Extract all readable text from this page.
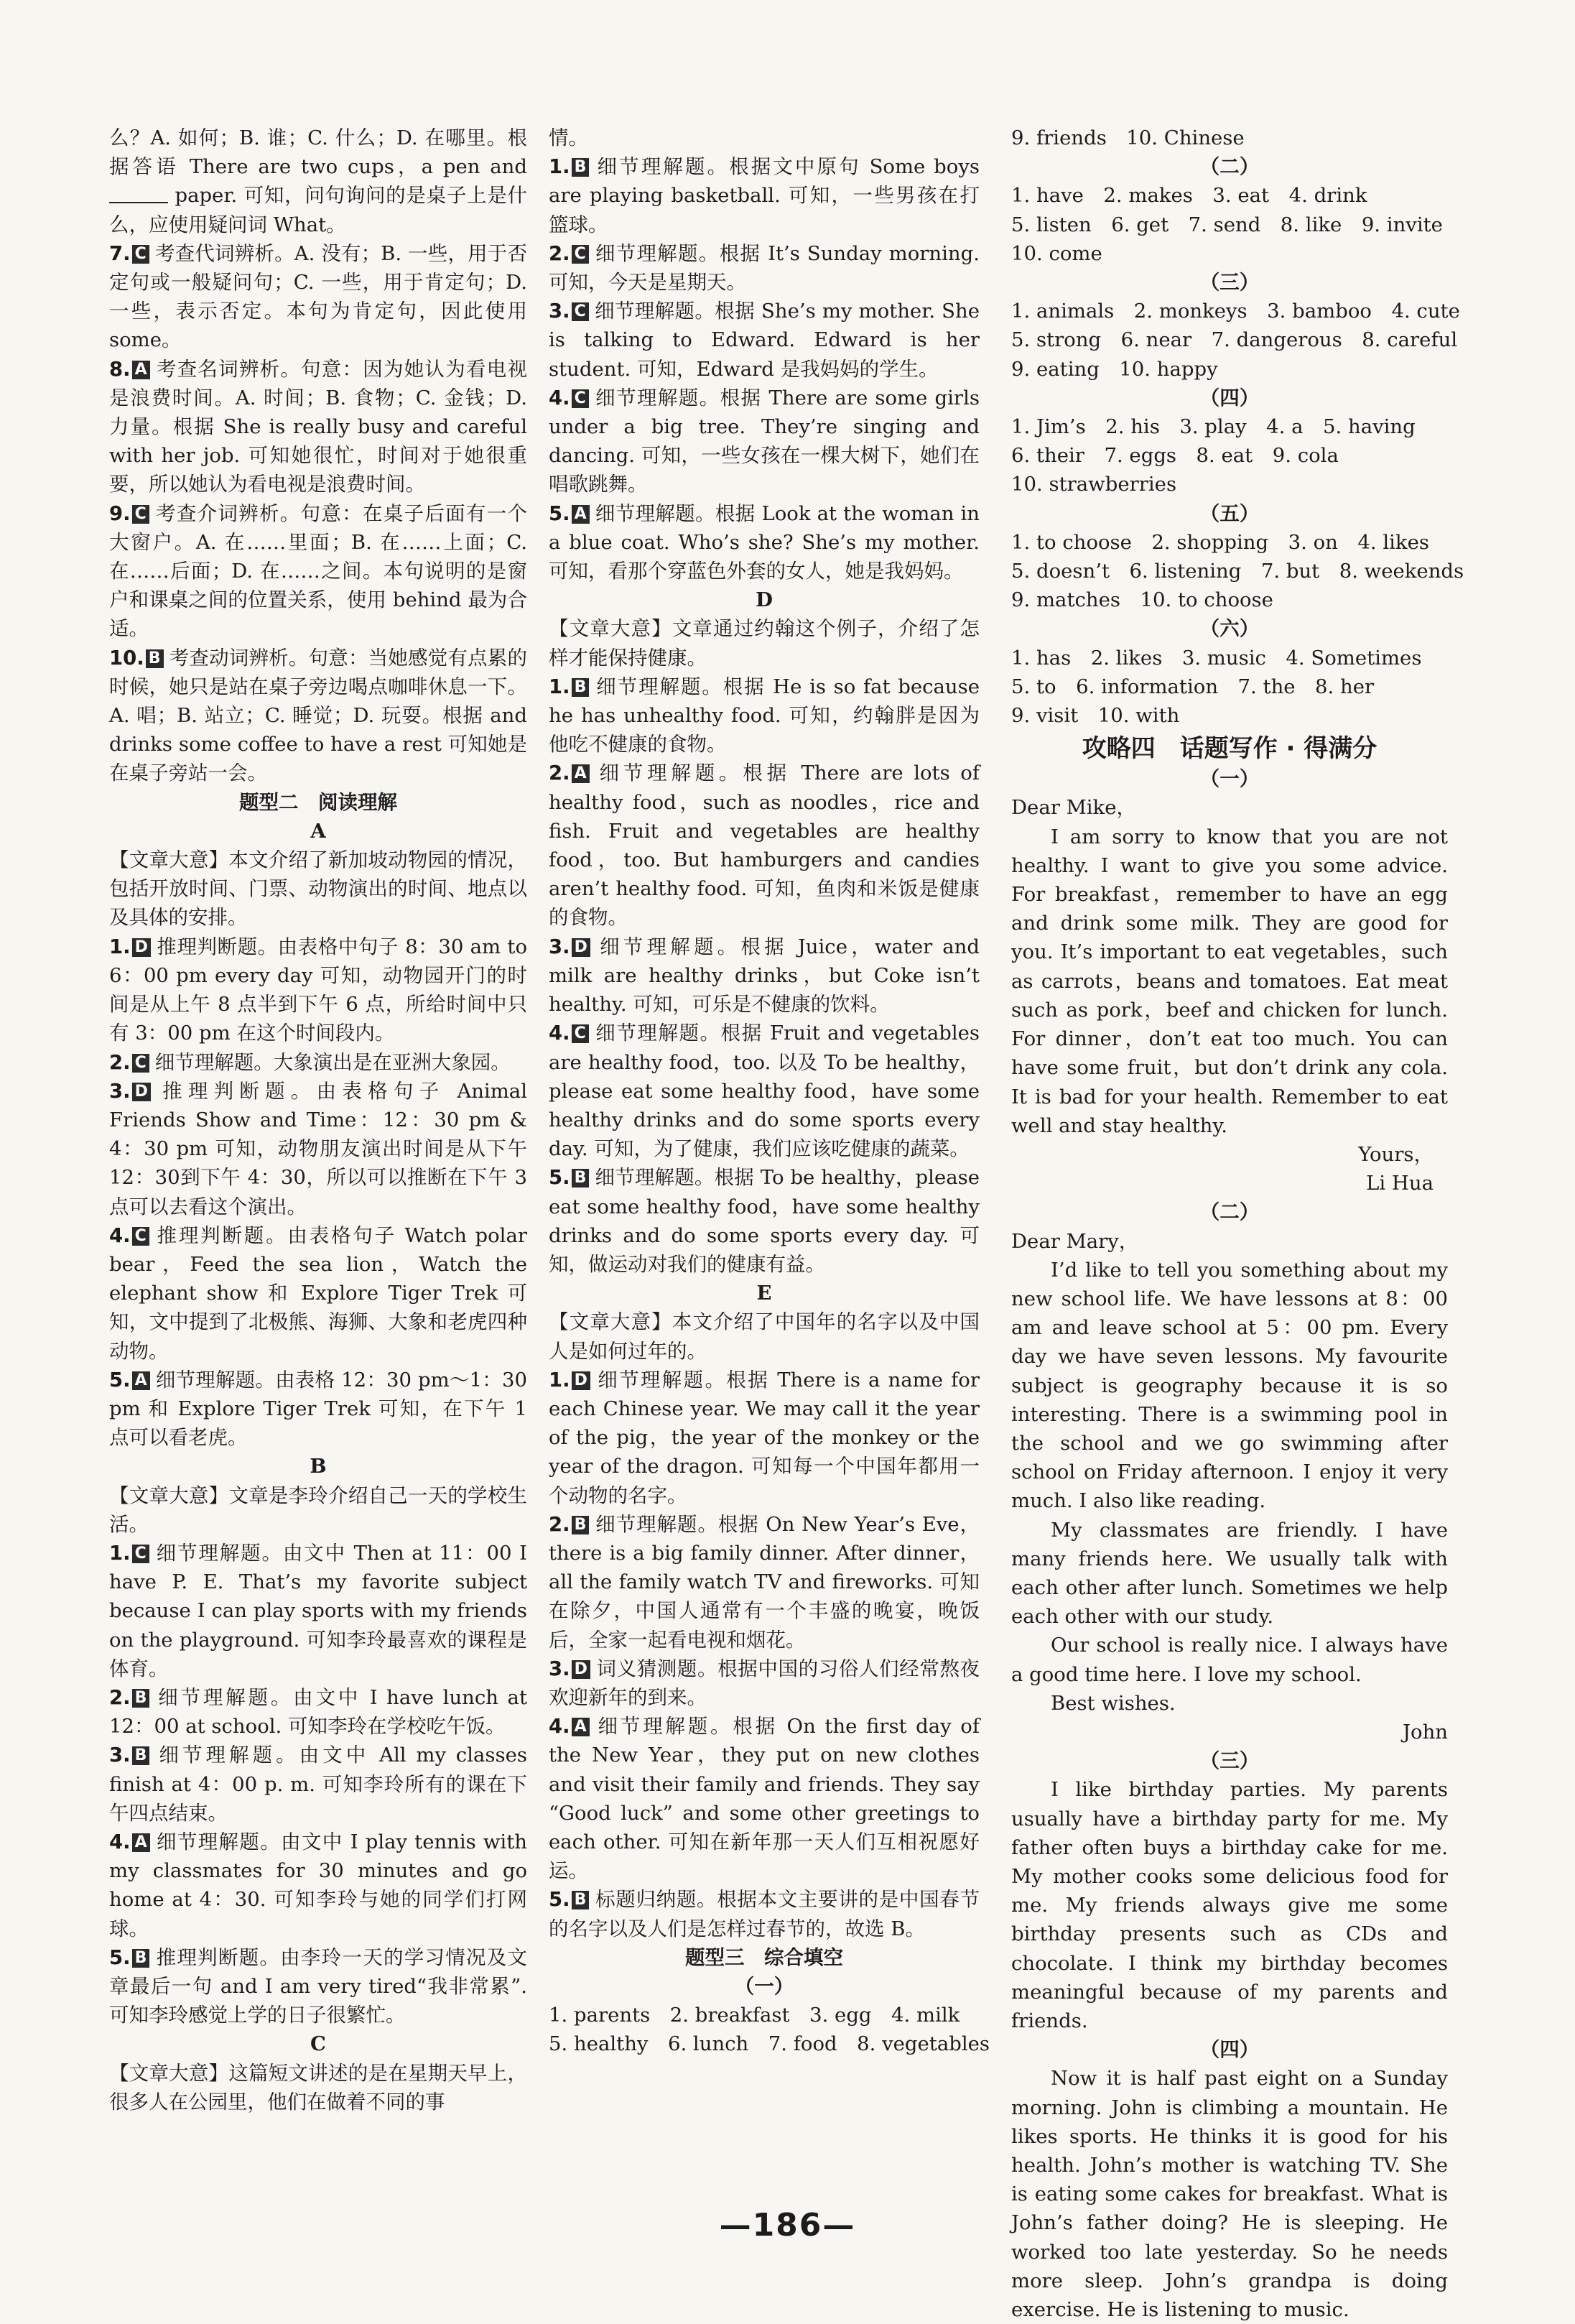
么？A. 如何；B. 谁；C. 什么；D. 在哪里。根据答语 There are two cups，a pen and  paper. 可知，问句询问的是桌子上是什么，应使用疑问词 What。

7. C 考查代词辨析。A. 没有；B. 一些，用于否定句或一般疑问句；C. 一些，用于肯定句；D. 一些，表示否定。本句为肯定句，因此使用 some。

8. A 考查名词辨析。句意：因为她认为看电视是浪费时间。A. 时间；B. 食物；C. 金钱；D. 力量。根据 She is really busy and careful with her job. 可知她很忙，时间对于她很重要，所以她认为看电视是浪费时间。

9. C 考查介词辨析。句意：在桌子后面有一个大窗户。A. 在……里面；B. 在……上面；C. 在……后面；D. 在……之间。本句说明的是窗户和课桌之间的位置关系，使用 behind 最为合适。

10. B 考查动词辨析。句意：当她感觉有点累的时候，她只是站在桌子旁边喝点咖啡休息一下。A. 唱；B. 站立；C. 睡觉；D. 玩耍。根据 and drinks some coffee to have a rest 可知她是在桌子旁站一会。

题型二　阅读理解

A

【文章大意】本文介绍了新加坡动物园的情况，包括开放时间、门票、动物演出的时间、地点以及具体的安排。

1. D 推理判断题。由表格中句子 8：30 am to 6：00 pm every day 可知，动物园开门的时间是从上午 8 点半到下午 6 点，所给时间中只有 3：00 pm 在这个时间段内。

2. C 细节理解题。大象演出是在亚洲大象园。

3. D 推理判断题。由表格句子 Animal Friends Show and Time：12：30 pm & 4：30 pm 可知，动物朋友演出时间是从下午12：30到下午 4：30，所以可以推断在下午 3 点可以去看这个演出。

4. C 推理判断题。由表格句子 Watch polar bear，Feed the sea lion，Watch the elephant show 和 Explore Tiger Trek 可知，文中提到了北极熊、海狮、大象和老虎四种动物。

5. A 细节理解题。由表格 12：30 pm～1：30 pm 和 Explore Tiger Trek 可知，在下午 1 点可以看老虎。

B

【文章大意】文章是李玲介绍自己一天的学校生活。

1. C 细节理解题。由文中 Then at 11：00 I have P. E. That’s my favorite subject because I can play sports with my friends on the playground. 可知李玲最喜欢的课程是体育。

2. B 细节理解题。由文中 I have lunch at 12：00 at school. 可知李玲在学校吃午饭。

3. B 细节理解题。由文中 All my classes finish at 4：00 p. m. 可知李玲所有的课在下午四点结束。

4. A 细节理解题。由文中 I play tennis with my classmates for 30 minutes and go home at 4：30. 可知李玲与她的同学们打网球。

5. B 推理判断题。由李玲一天的学习情况及文章最后一句 and I am very tired“我非常累”. 可知李玲感觉上学的日子很繁忙。

C

【文章大意】这篇短文讲述的是在星期天早上，很多人在公园里，他们在做着不同的事

情。

1. B 细节理解题。根据文中原句 Some boys are playing basketball. 可知，一些男孩在打篮球。

2. C 细节理解题。根据 It’s Sunday morning. 可知，今天是星期天。

3. C 细节理解题。根据 She’s my mother. She is talking to Edward. Edward is her student. 可知，Edward 是我妈妈的学生。

4. C 细节理解题。根据 There are some girls under a big tree. They’re singing and dancing. 可知，一些女孩在一棵大树下，她们在唱歌跳舞。

5. A 细节理解题。根据 Look at the woman in a blue coat. Who’s she? She’s my mother. 可知，看那个穿蓝色外套的女人，她是我妈妈。

D

【文章大意】文章通过约翰这个例子，介绍了怎样才能保持健康。

1. B 细节理解题。根据 He is so fat because he has unhealthy food. 可知，约翰胖是因为他吃不健康的食物。

2. A 细节理解题。根据 There are lots of healthy food，such as noodles，rice and fish. Fruit and vegetables are healthy food，too. But hamburgers and candies aren’t healthy food. 可知，鱼肉和米饭是健康的食物。

3. D 细节理解题。根据 Juice，water and milk are healthy drinks，but Coke isn’t healthy. 可知，可乐是不健康的饮料。

4. C 细节理解题。根据 Fruit and vegetables are healthy food，too. 以及 To be healthy，please eat some healthy food，have some healthy drinks and do some sports every day. 可知，为了健康，我们应该吃健康的蔬菜。

5. B 细节理解题。根据 To be healthy，please eat some healthy food，have some healthy drinks and do some sports every day. 可知，做运动对我们的健康有益。

E

【文章大意】本文介绍了中国年的名字以及中国人是如何过年的。

1. D 细节理解题。根据 There is a name for each Chinese year. We may call it the year of the pig，the year of the monkey or the year of the dragon. 可知每一个中国年都用一个动物的名字。

2. B 细节理解题。根据 On New Year’s Eve，there is a big family dinner. After dinner，all the family watch TV and fireworks. 可知在除夕，中国人通常有一个丰盛的晚宴，晚饭后，全家一起看电视和烟花。

3. D 词义猜测题。根据中国的习俗人们经常熬夜欢迎新年的到来。

4. A 细节理解题。根据 On the first day of the New Year，they put on new clothes and visit their family and friends. They say “Good luck” and some other greetings to each other. 可知在新年那一天人们互相祝愿好运。

5. B 标题归纳题。根据本文主要讲的是中国春节的名字以及人们是怎样过春节的，故选 B。

题型三　综合填空

（一）

1. parents　2. breakfast　3. egg　4. milk

5. healthy　6. lunch　7. food　8. vegetables

9. friends　10. Chinese

（二）

1. have　2. makes　3. eat　4. drink

5. listen　6. get　7. send　8. like　9. invite

10. come

（三）

1. animals　2. monkeys　3. bamboo　4. cute

5. strong　6. near　7. dangerous　8. careful

9. eating　10. happy

（四）

1. Jim’s　2. his　3. play　4. a　5. having

6. their　7. eggs　8. eat　9. cola

10. strawberries

（五）

1. to choose　2. shopping　3. on　4. likes

5. doesn’t　6. listening　7. but　8. weekends

9. matches　10. to choose

（六）

1. has　2. likes　3. music　4. Sometimes

5. to　6. information　7. the　8. her

9. visit　10. with

攻略四　话题写作 · 得满分

（一）

Dear Mike，

I am sorry to know that you are not healthy. I want to give you some advice. For breakfast，remember to have an egg and drink some milk. They are good for you. It’s important to eat vegetables，such as carrots，beans and tomatoes. Eat meat such as pork，beef and chicken for lunch. For dinner，don’t eat too much. You can have some fruit，but don’t drink any cola. It is bad for your health. Remember to eat well and stay healthy.

Yours，

Li Hua

（二）

Dear Mary，

I’d like to tell you something about my new school life. We have lessons at 8：00 am and leave school at 5：00 pm. Every day we have seven lessons. My favourite subject is geography because it is so interesting. There is a swimming pool in the school and we go swimming after school on Friday afternoon. I enjoy it very much. I also like reading.

My classmates are friendly. I have many friends here. We usually talk with each other after lunch. Sometimes we help each other with our study.

Our school is really nice. I always have a good time here. I love my school.

Best wishes.

John

（三）

I like birthday parties. My parents usually have a birthday party for me. My father often buys a birthday cake for me. My mother cooks some delicious food for me. My friends always give me some birthday presents such as CDs and chocolate. I think my birthday becomes meaningful because of my parents and friends.

（四）

Now it is half past eight on a Sunday morning. John is climbing a mountain. He likes sports. He thinks it is good for his health. John’s mother is watching TV. She is eating some cakes for breakfast. What is John’s father doing? He is sleeping. He worked too late yesterday. So he needs more sleep. John’s grandpa is doing exercise. He is listening to music.

—186—
